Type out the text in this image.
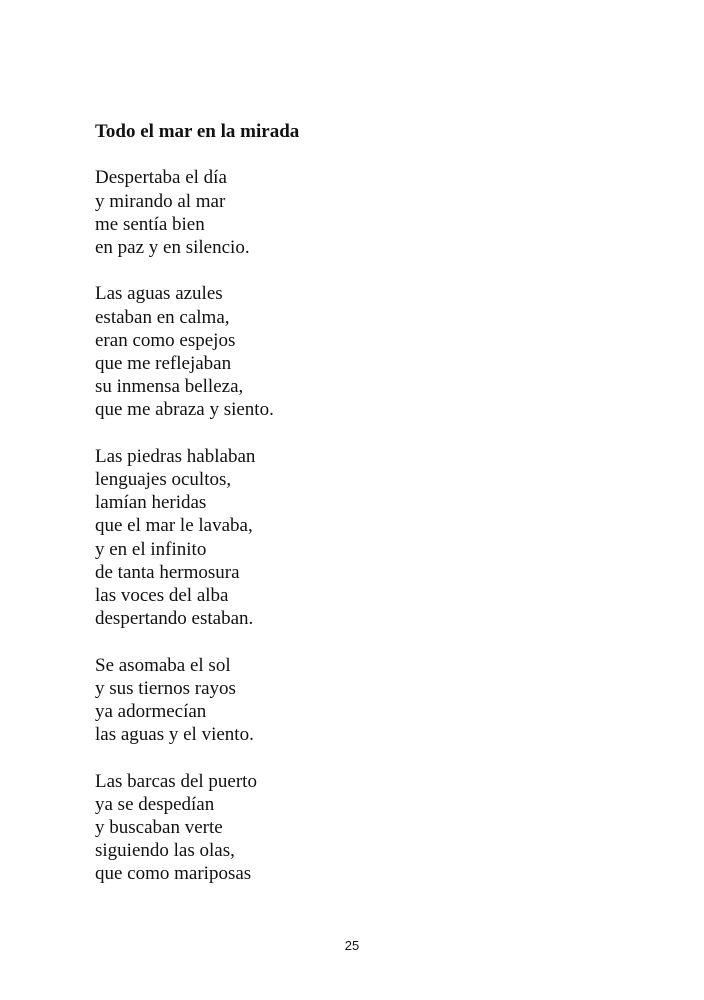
Todo el mar en la mirada
Despertaba el día
y mirando al mar
me sentía bien
en paz y en silencio.
Las aguas azules
estaban en calma,
eran como espejos
que me reflejaban
su inmensa belleza,
que me abraza y siento.
Las piedras hablaban
lenguajes ocultos,
lamían heridas
que el mar le lavaba,
y en el infinito
de tanta hermosura
las voces del alba
despertando estaban.
Se asomaba el sol
y sus tiernos rayos
ya adormecían
las aguas y el viento.
Las barcas del puerto
ya se despedían
y buscaban verte
siguiendo las olas,
que como mariposas
25
